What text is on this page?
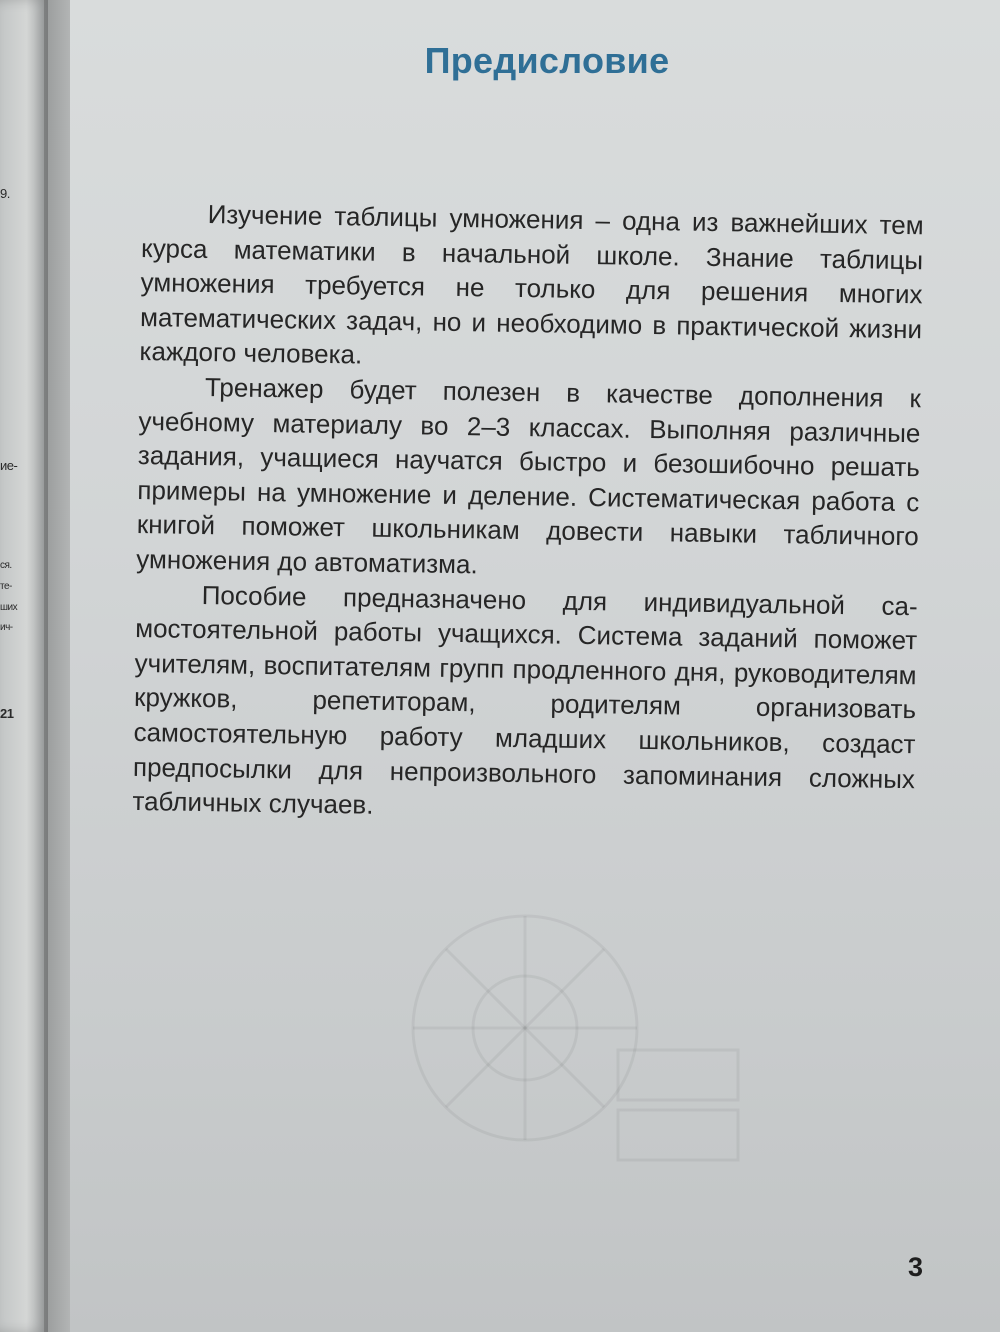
9.
ие-
ся.
те-
ших
ич-
21
Предисловие

Изучение таблицы умножения – одна из важнейших тем курса математики в начальной школе. Знание таблицы умножения требуется не только для решения многих математических задач, но и необходимо в практической жизни каждого человека.

Тренажер будет полезен в качестве дополнения к учебному материалу во 2–3 классах. Выполняя различные задания, учащиеся научатся быстро и безошибочно решать примеры на умножение и деление. Систематическая работа с книгой поможет школьникам довести навыки табличного умножения до автоматизма.

Пособие предназначено для индивидуальной самостоятельной работы учащихся. Система заданий поможет учителям, воспитателям групп продленного дня, руководителям кружков, репетиторам, родителям организовать самостоятельную работу младших школьников, создаст предпосылки для непроизвольного запоминания сложных табличных случаев.

3
